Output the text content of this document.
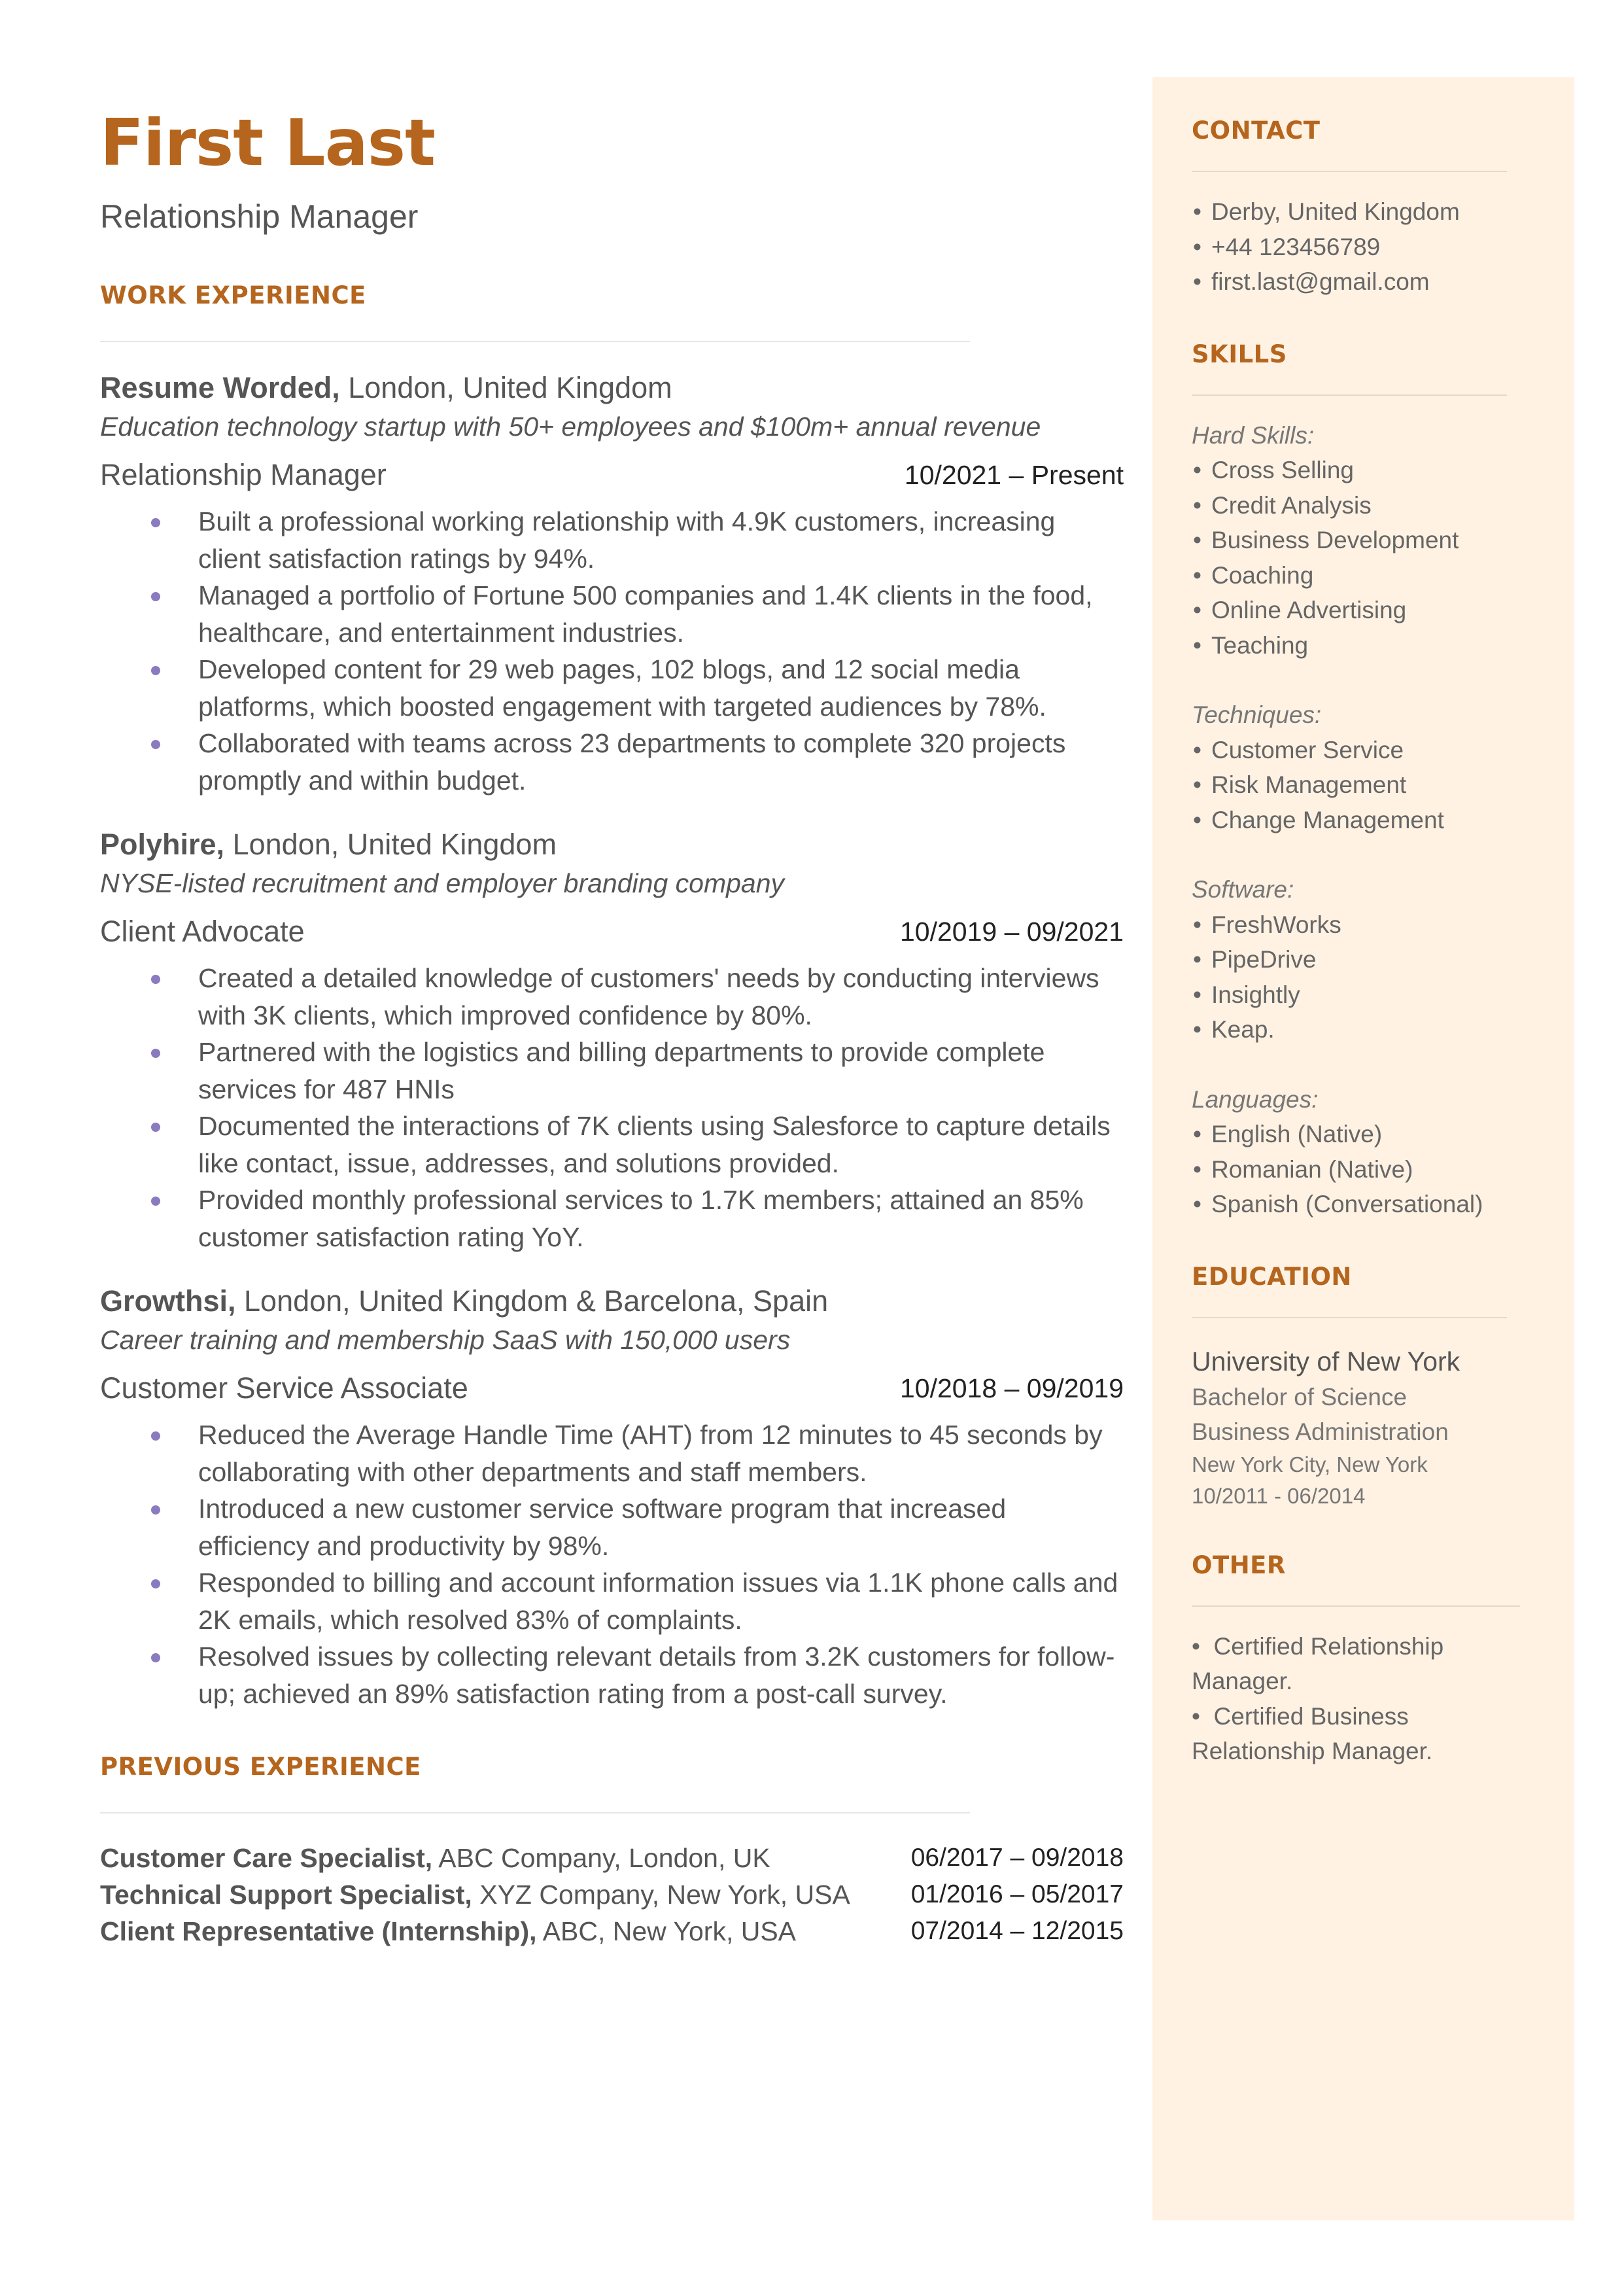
First Last
Relationship Manager
WORK EXPERIENCE
Resume Worded, London, United Kingdom
Education technology startup with 50+ employees and $100m+ annual revenue
Relationship Manager	10/2021 – Present
Built a professional working relationship with 4.9K customers, increasing client satisfaction ratings by 94%.
Managed a portfolio of Fortune 500 companies and 1.4K clients in the food, healthcare, and entertainment industries.
Developed content for 29 web pages, 102 blogs, and 12 social media platforms, which boosted engagement with targeted audiences by 78%.
Collaborated with teams across 23 departments to complete 320 projects promptly and within budget.
Polyhire, London, United Kingdom
NYSE-listed recruitment and employer branding company
Client Advocate	10/2019 – 09/2021
Created a detailed knowledge of customers' needs by conducting interviews with 3K clients, which improved confidence by 80%.
Partnered with the logistics and billing departments to provide complete services for 487 HNIs
Documented the interactions of 7K clients using Salesforce to capture details like contact, issue, addresses, and solutions provided.
Provided monthly professional services to 1.7K members; attained an 85% customer satisfaction rating YoY.
Growthsi, London, United Kingdom & Barcelona, Spain
Career training and membership SaaS with 150,000 users
Customer Service Associate	10/2018 – 09/2019
Reduced the Average Handle Time (AHT) from 12 minutes to 45 seconds by collaborating with other departments and staff members.
Introduced a new customer service software program that increased efficiency and productivity by 98%.
Responded to billing and account information issues via 1.1K phone calls and 2K emails, which resolved 83% of complaints.
Resolved issues by collecting relevant details from 3.2K customers for follow-up; achieved an 89% satisfaction rating from a post-call survey.
PREVIOUS EXPERIENCE
Customer Care Specialist, ABC Company, London, UK	06/2017 – 09/2018
Technical Support Specialist, XYZ Company, New York, USA 01/2016 – 05/2017
Client Representative (Internship), ABC, New York, USA	07/2014 – 12/2015
CONTACT
• Derby, United Kingdom
• +44 123456789
• first.last@gmail.com
SKILLS
Hard Skills:
• Cross Selling
• Credit Analysis
• Business Development
• Coaching
• Online Advertising
• Teaching
Techniques:
• Customer Service
• Risk Management
• Change Management
Software:
• FreshWorks
• PipeDrive
• Insightly
• Keap.
Languages:
• English (Native)
• Romanian (Native)
• Spanish (Conversational)
EDUCATION
University of New York
Bachelor of Science
Business Administration
New York City, New York
10/2011 - 06/2014
OTHER
• Certified Relationship
Manager.
• Certified Business
Relationship Manager.
